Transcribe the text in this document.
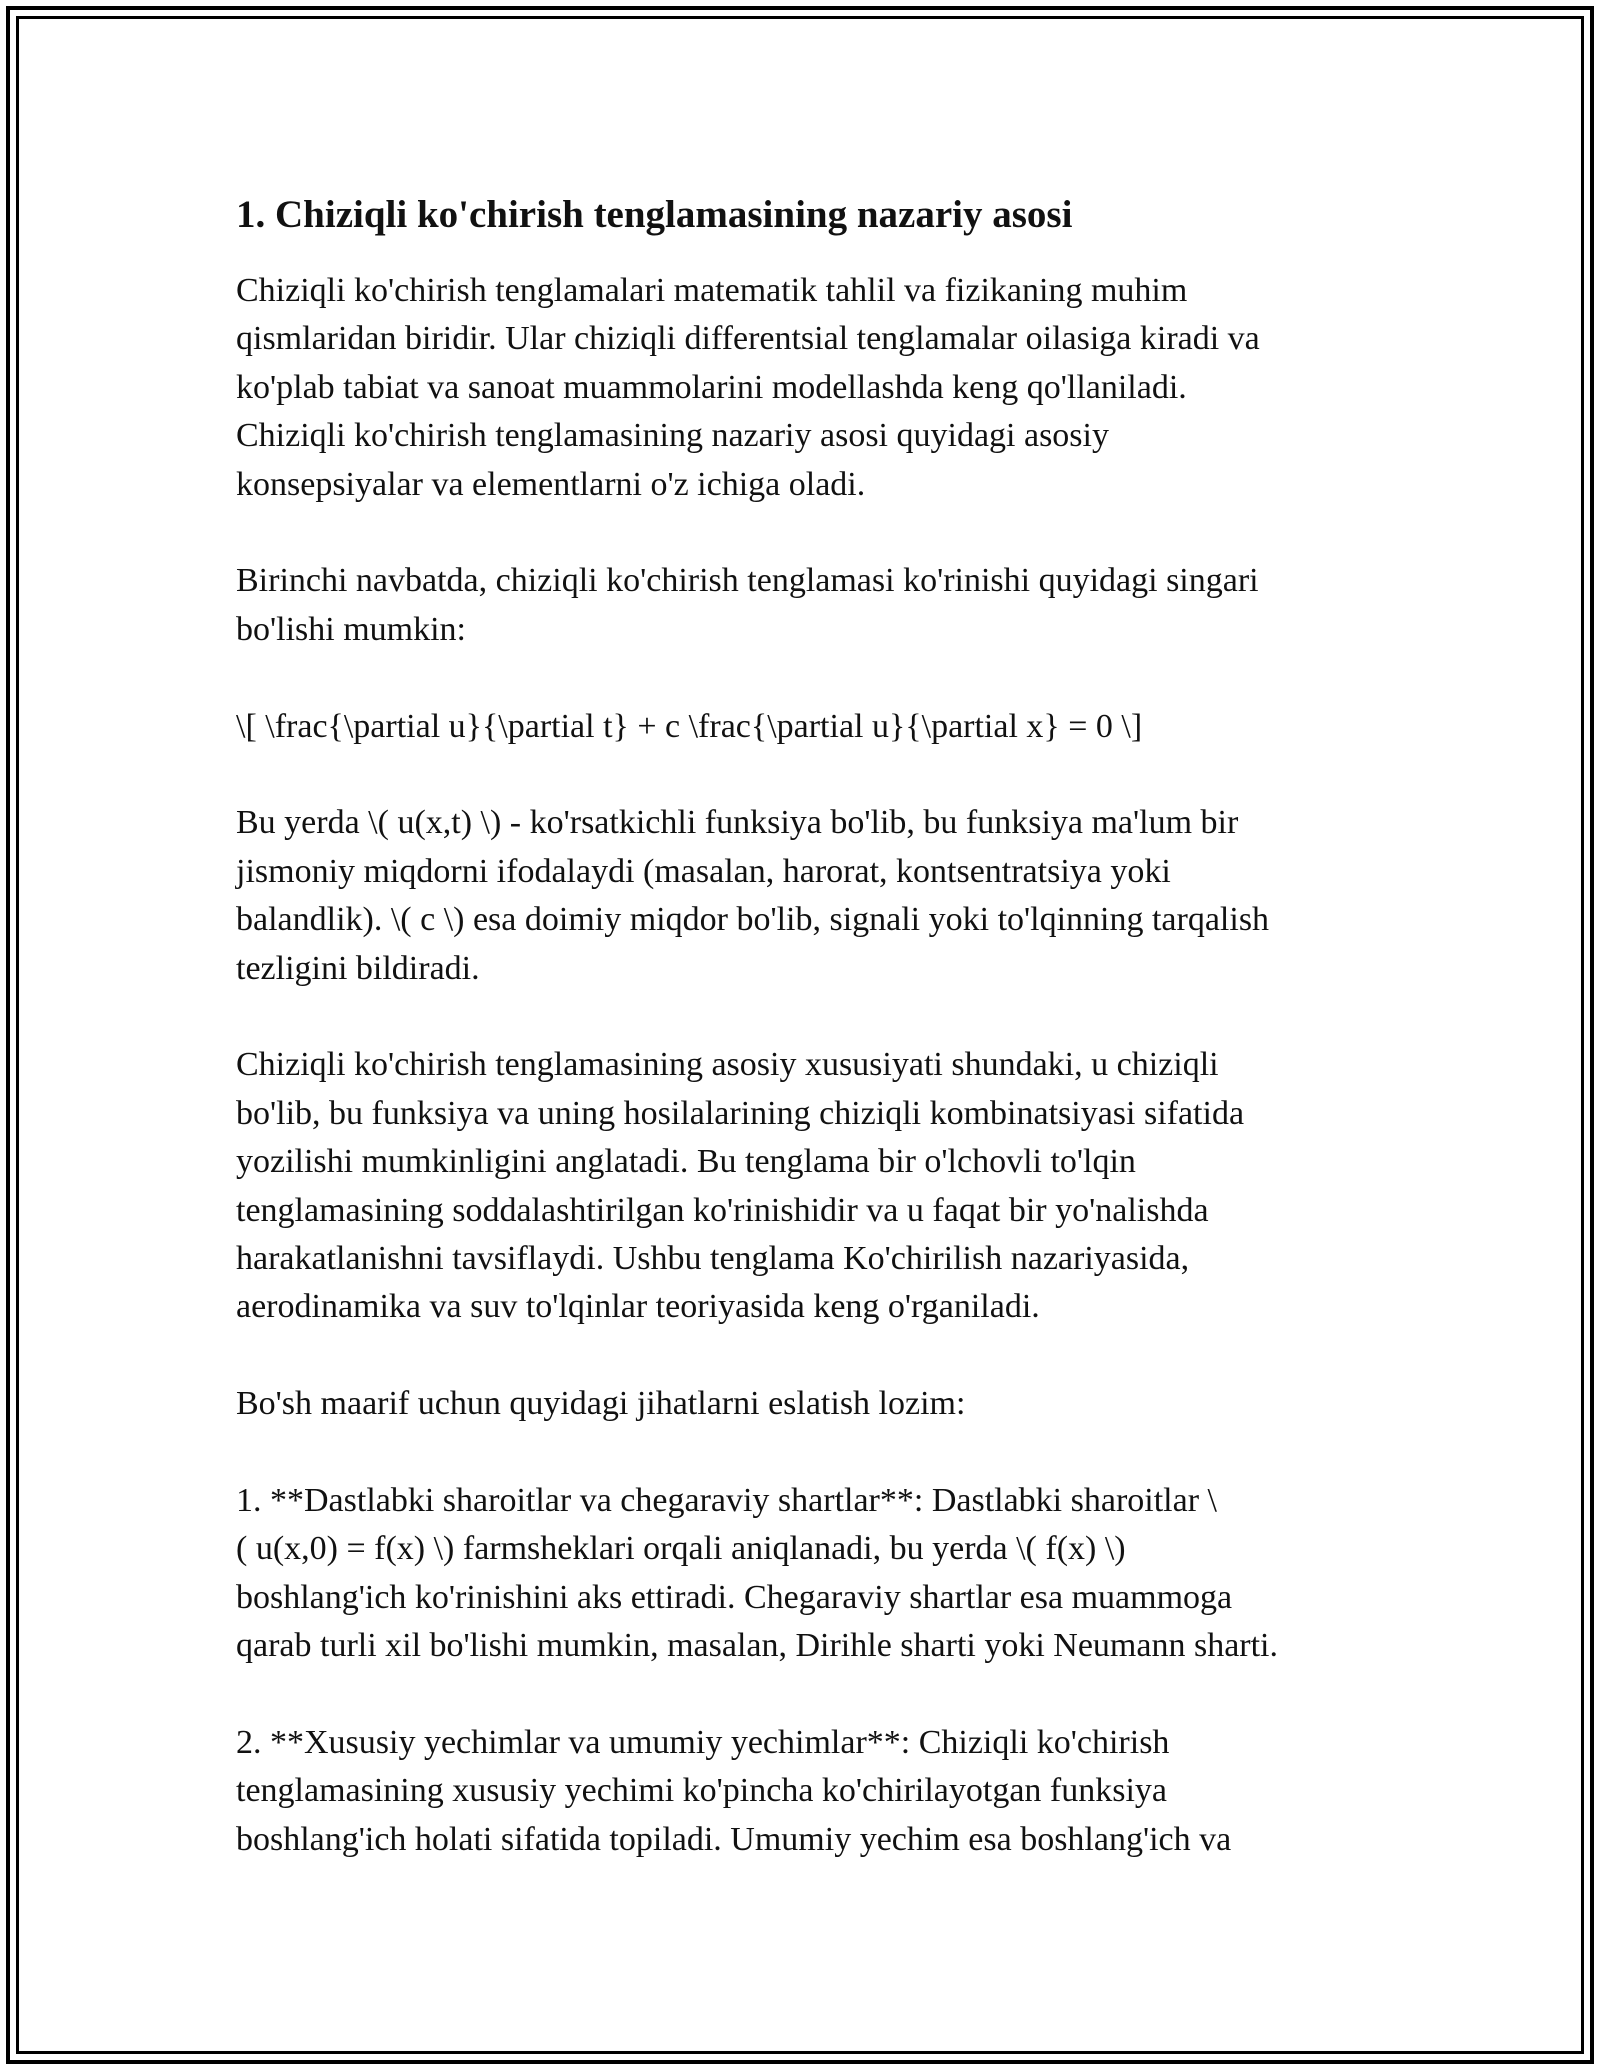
1. Chiziqli ko'chirish tenglamasining nazariy asosi
Chiziqli ko'chirish tenglamalari matematik tahlil va fizikaning muhim
qismlaridan biridir. Ular chiziqli differentsial tenglamalar oilasiga kiradi va
ko'plab tabiat va sanoat muammolarini modellashda keng qo'llaniladi.
Chiziqli ko'chirish tenglamasining nazariy asosi quyidagi asosiy
konsepsiyalar va elementlarni o'z ichiga oladi.
Birinchi navbatda, chiziqli ko'chirish tenglamasi ko'rinishi quyidagi singari
bo'lishi mumkin:
\[ \frac{\partial u}{\partial t} + c \frac{\partial u}{\partial x} = 0 \]
Bu yerda \( u(x,t) \) - ko'rsatkichli funksiya bo'lib, bu funksiya ma'lum bir
jismoniy miqdorni ifodalaydi (masalan, harorat, kontsentratsiya yoki
balandlik). \( c \) esa doimiy miqdor bo'lib, signali yoki to'lqinning tarqalish
tezligini bildiradi.
Chiziqli ko'chirish tenglamasining asosiy xususiyati shundaki, u chiziqli
bo'lib, bu funksiya va uning hosilalarining chiziqli kombinatsiyasi sifatida
yozilishi mumkinligini anglatadi. Bu tenglama bir o'lchovli to'lqin
tenglamasining soddalashtirilgan ko'rinishidir va u faqat bir yo'nalishda
harakatlanishni tavsiflaydi. Ushbu tenglama Ko'chirilish nazariyasida,
aerodinamika va suv to'lqinlar teoriyasida keng o'rganiladi.
Bo'sh maarif uchun quyidagi jihatlarni eslatish lozim:
1. **Dastlabki sharoitlar va chegaraviy shartlar**: Dastlabki sharoitlar \
( u(x,0) = f(x) \) farmsheklari orqali aniqlanadi, bu yerda \( f(x) \)
boshlang'ich ko'rinishini aks ettiradi. Chegaraviy shartlar esa muammoga
qarab turli xil bo'lishi mumkin, masalan, Dirihle sharti yoki Neumann sharti.
2. **Xususiy yechimlar va umumiy yechimlar**: Chiziqli ko'chirish
tenglamasining xususiy yechimi ko'pincha ko'chirilayotgan funksiya
boshlang'ich holati sifatida topiladi. Umumiy yechim esa boshlang'ich va
